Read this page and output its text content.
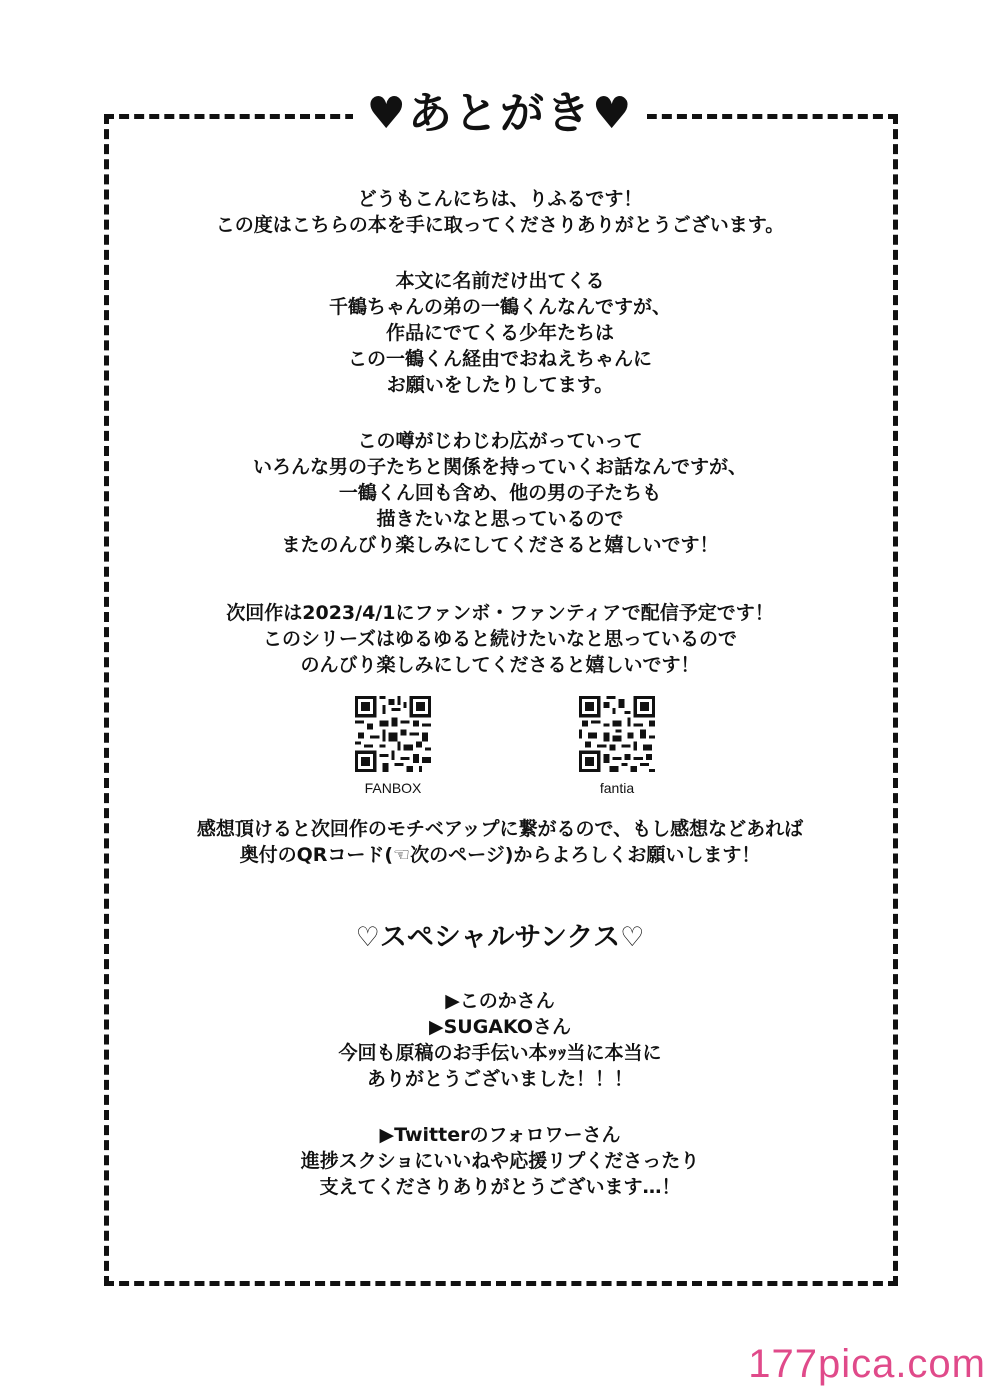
♥あとがき♥
どうもこんにちは、りふるです！
この度はこちらの本を手に取ってくださりありがとうございます。
本文に名前だけ出てくる
千鶴ちゃんの弟の一鶴くんなんですが、
作品にでてくる少年たちは
この一鶴くん経由でおねえちゃんに
お願いをしたりしてます。
この噂がじわじわ広がっていって
いろんな男の子たちと関係を持っていくお話なんですが、
一鶴くん回も含め、他の男の子たちも
描きたいなと思っているので
またのんびり楽しみにしてくださると嬉しいです！
次回作は2023/4/1にファンボ・ファンティアで配信予定です！
このシリーズはゆるゆると続けたいなと思っているので
のんびり楽しみにしてくださると嬉しいです！
FANBOX	fantia
感想頂けると次回作のモチベアップに繋がるので、もし感想などあれば
奥付のQRコード(☜次のページ)からよろしくお願いします！
♡スペシャルサンクス♡
▶このかさん
▶SUGAKOさん
今回も原稿のお手伝い本ｯｯ当に本当に
ありがとうございました！！！
▶Twitterのフォロワーさん
進捗スクショにいいねや応援リプくださったり
支えてくださりありがとうございます…！
177pica.com
